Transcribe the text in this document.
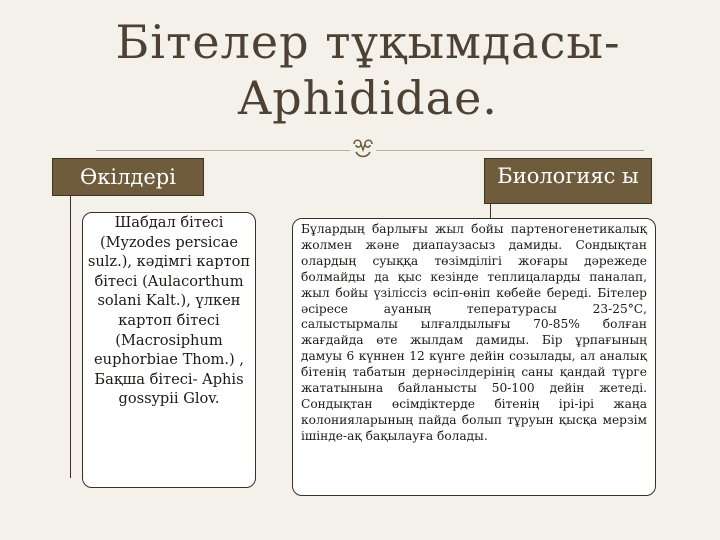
Бітелер тұқымдасы-
Aphididae.
Өкілдері	Биологияс ы

Шабдал бітесі (Myzodes persicae sulz.), кәдімгі картоп бітесі (Aulacorthum solani Kalt.), үлкен картоп бітесі (Macrosiphum euphorbiae Thom.) , Бақша бітесі- Aphis gossypii Glov.

Бұлардың барлығы жыл бойы партеногенетикалық жолмен және диапаузасыз дамиды. Сондықтан олардың суыққа төзімділігі жоғары дәрежеде болмайды да қыс кезінде теплицаларды паналап, жыл бойы үзіліссіз өсіп-өніп көбейе береді. Бітелер әсіресе ауаның тепературасы 23-25°С, салыстырмалы ылғалдылығы 70-85% болған жағдайда өте жылдам дамиды. Бір ұрпағының дамуы 6 күннен 12 күнге дейін созылады, ал аналық бітенің табатын дернәсілдерінің саны қандай түрге жататынына байланысты 50-100 дейін жетеді. Сондықтан өсімдіктерде бітенің ірі-ірі жаңа колонияларының пайда болып тұруын қысқа мерзім ішінде-ақ бақылауға болады.
